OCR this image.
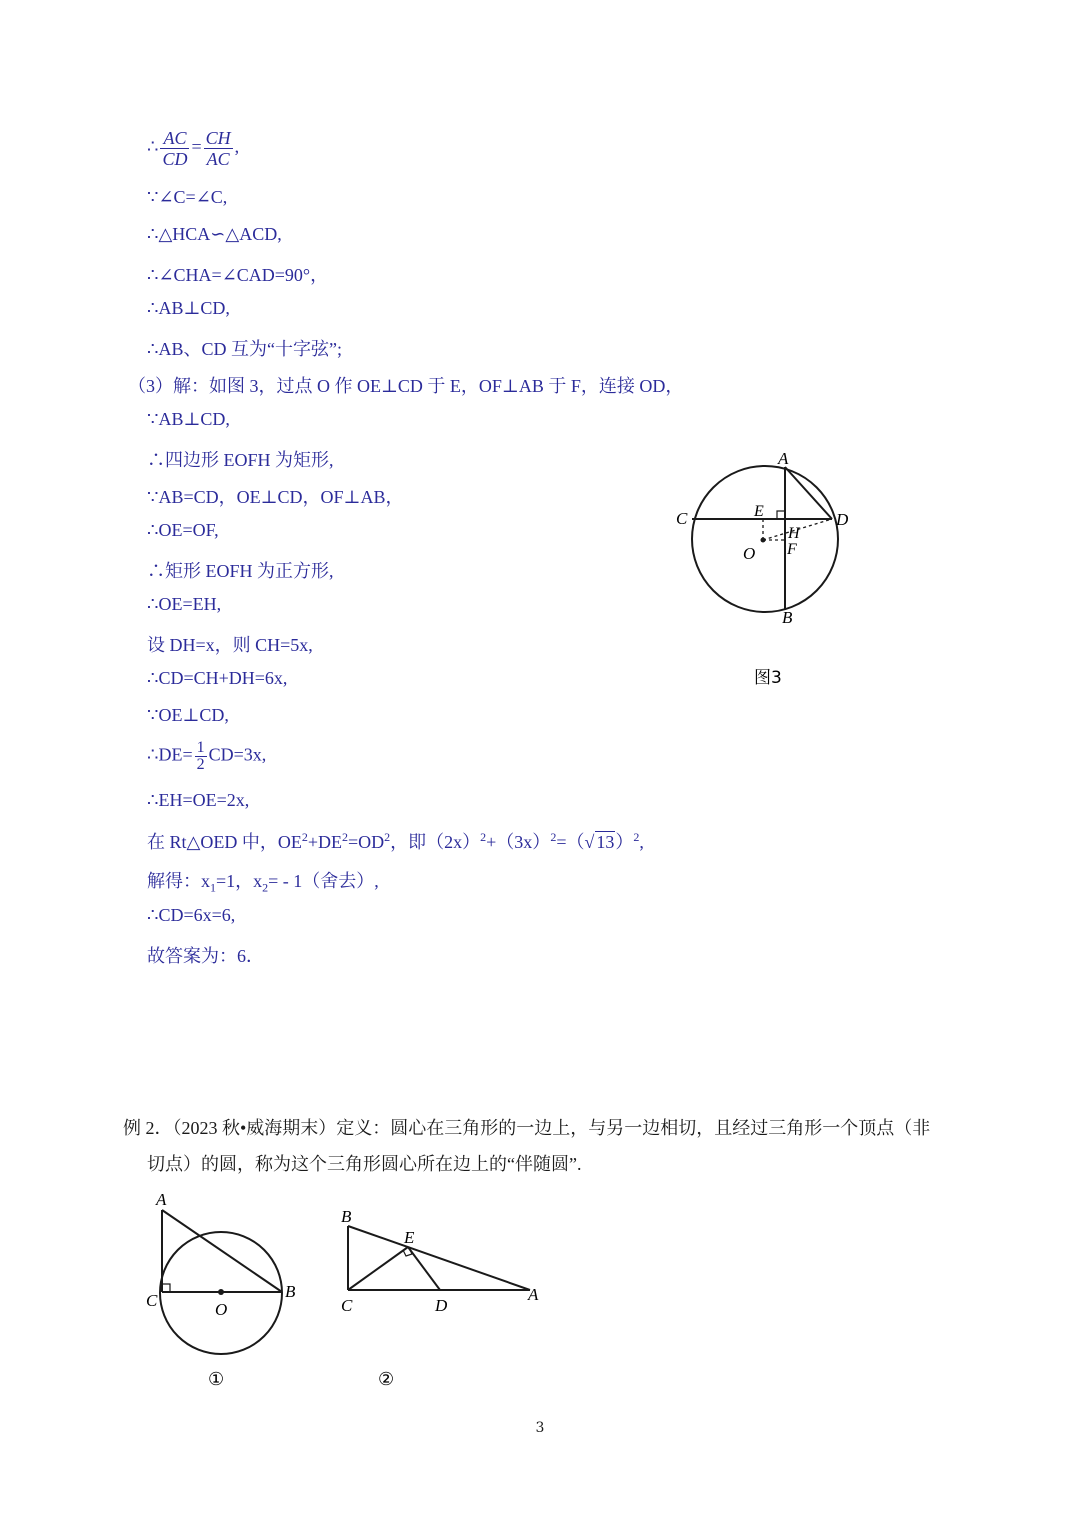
∴ $\frac{AC}{CD} = \frac{CH}{AC}$ ,
∵∠C=∠C,
∴△HCA∽△ACD,
∴∠CHA=∠CAD=90°，
∴AB⊥CD,
∴AB、CD 互为“十字弦”;
（3）解：如图 3，过点 O 作 OE⊥CD 于 E，OF⊥AB 于 F，连接 OD，
∵AB⊥CD,
∴四边形 EOFH 为矩形,
∵AB=CD，OE⊥CD，OF⊥AB，
∴OE=OF,
∴矩形 EOFH 为正方形,
∴OE=EH,
设 DH=x，则 CH=5x,
∴CD=CH+DH=6x,
∵OE⊥CD,
∴DE= $\frac{1}{2} CD=3x$,
∴EH=OE=2x,
在 Rt△OED 中，$OE^2+DE^2=OD^2$，即$(2x)^2+(3x)^2=(√$ 13）$^2$,
解得：$x_1=1$，$x_2= - 1$（舍去）,
∴CD=6x=6,
故答案为：6．
A
C	D
E
H
F
O
B
图3
例 2．（2023 秋•威海期末）定义：圆心在三角形的一边上，与另一边相切，且经过三角形一个顶点（非
切点）的圆，称为这个三角形圆心所在边上的“伴随圆”.
A
C	O
B
①
B
E
C	D
A
②
3
